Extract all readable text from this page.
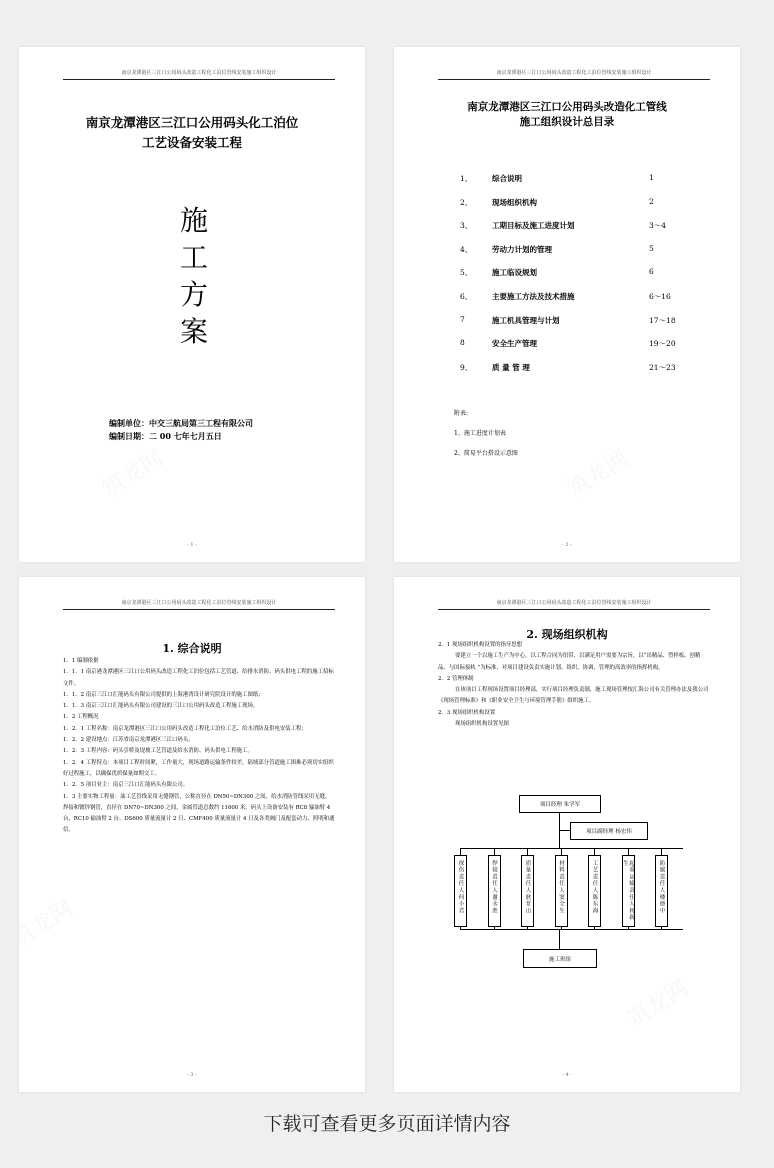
南京龙潭港区三江口公用码头改造工程化工泊位管线安装施工组织设计
南京龙潭港区三江口公用码头化工泊位
工艺设备安装工程
施
工
方
案
编制单位：中交三航局第三工程有限公司
编制日期：二 00 七年七月五日
- 1 -
南京龙潭港区三江口公用码头改造工程化工泊位管线安装施工组织设计
南京龙潭港区三江口公用码头改造化工管线
施工组织设计总目录
1、	综合说明	1
2、	现场组织机构	2
3、	工期目标及施工进度计划	3～4
4、	劳动力计划的管理	5
5、	施工临设规划	6
6、	主要施工方法及技术措施	6～16
7	施工机具管理与计划	17～18
8	安全生产管理	19～20
9、	质 量 管 理	21～23
附表:
1、施工进度计划表
2、简易平台搭设示意图
- 2 -
南京龙潭港区三江口公用码头改造工程化工泊位管线安装施工组织设计
1. 综合说明

1．1 编制依据

1．1．1 南京港龙潭港区三江口公用码头改造工程化工泊位包括工艺管道、给排水消防、码头供电工程的施工招标文件。

1．1．2 南京三江口汇能码头有限公司提供的上海港湾设计研究院设计的施工图纸；

1．1．3 南京三江口汇能码头有限公司建设的三江口公用码头改造工程施工现场。

1．2 工程概况

1．2．1 工程名称：南京龙潭港区三江口公用码头改造工程化工泊位工艺、给水消防及供电安装工程；

1．2．2 建设地点：江苏省南京龙潭港区三江口码头。

1．2．3 工程内容：码头引桥及堤坡工艺管道及给水消防、码头供电工程施工。

1．2．4 工程特点：本项目工程时间紧，工作量大，现场道路运输条件较差，陆域部分管道施工困难必须切实组织好过程施工，以确保优质保量如期交工。

1．2．5 项目业主：南京三江口汇能码头有限公司。

1．3 主要实物工程量：油工艺管线采用无缝钢管，公称直径在 DN50~DN300 之间，给水消防管线采用无缝、焊接和镀锌钢管，直径在 DN70~DN300 之间，金属管道总数约 11600 米。码头上设备安装有 RC8 输油臂 4 台、RC10 输油臂 2 台、DS600 质量流量计 2 只、CMF400 质量流量计 4 只及各类阀门及配套动力、照明和通信。

- 3 -
南京龙潭港区三江口公用码头改造工程化工泊位管线安装施工组织设计
2. 现场组织机构

2．1 现场组织机构设置的指导思想

要建立一个以施工生产为中心，以工程合同为纽带，以满足用户需要为宗旨，以“出精品、塑样板、创精品、与国际接轨 ”为标准，对项目建设负责实施计划、组织、协调、管理的高效率的指挥机构。

2．2 管理体制

在该项目工程现场设置项目经理部，实行项目经理负责制，施工现场管理按汇海公司有关管理办法及我公司《现场管理标准》和《职业安全卫生与环境管理手册》组织施工。

2．3 现场组织机构设置

现场组织机构设置见图

项目经理 朱学军
项目副经理 杨宏伟
探伤责任人何小君	焊接责任人谢永胜	质量责任人耿景山	材料责任人窦全生	工艺责任人陈东海	起重运输责任人杨新生	防腐责任人楼德中
施工班组
- 4 -
下载可查看更多页面详情内容
